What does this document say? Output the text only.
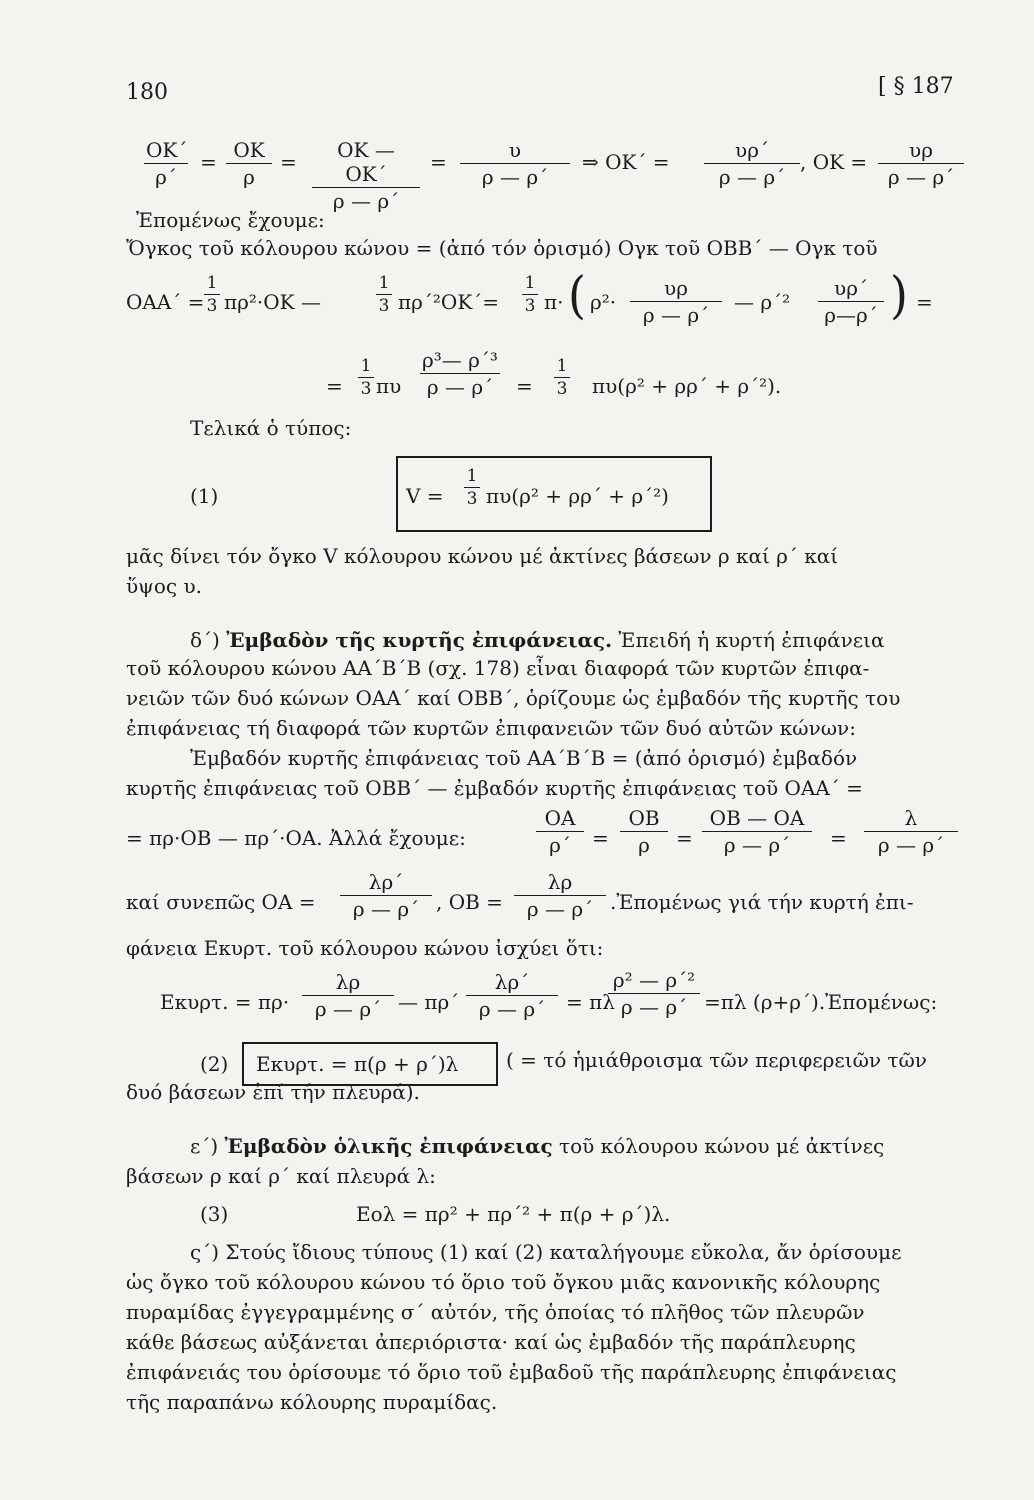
180	[ § 187
ΟΚ΄
ρ΄
= ΟΚ
ρ
=	ΟΚ — ΟΚ΄
ρ — ρ΄
=	υ
ρ — ρ΄
⇒ ΟΚ΄ =	υρ΄
ρ — ρ΄
, ΟΚ =	υρ
ρ — ρ΄
Ἐπομένως ἔχουμε:
Ὄγκος τοῦ κόλουρου κώνου = (ἀπό τόν ὁρισμό) Ογκ τοῦ ΟΒΒ΄ — Ογκ τοῦ
ΟΑΑ΄ =
1
3 πρ²·ΟΚ —
1
3 πρ΄²ΟΚ΄=
1
3 π· ( ρ²·
υρ
ρ — ρ΄
— ρ΄²
υρ΄
ρ—ρ΄ ) =
=
1
3 πυ
ρ³— ρ΄³
ρ — ρ΄	=
1
3 πυ(ρ² + ρρ΄ + ρ΄²).
Τελικά ὁ τύπος:
(1)	V =
1
3 πυ(ρ² + ρρ΄ + ρ΄²)
μᾶς δίνει τόν ὄγκο V κόλουρου κώνου μέ ἀκτίνες βάσεων ρ καί ρ΄ καί
ὕψος υ.
δ΄) Ἐμβαδὸν τῆς κυρτῆς ἐπιφάνειας. Ἐπειδή ἡ κυρτή ἐπιφάνεια
τοῦ κόλουρου κώνου ΑΑ΄Β΄Β (σχ. 178) εἶναι διαφορά τῶν κυρτῶν ἐπιφα-
νειῶν τῶν δυό κώνων ΟΑΑ΄ καί ΟΒΒ΄, ὁρίζουμε ὡς ἐμβαδόν τῆς κυρτῆς του
ἐπιφάνειας τή διαφορά τῶν κυρτῶν ἐπιφανειῶν τῶν δυό αὐτῶν κώνων:
Ἐμβαδόν κυρτῆς ἐπιφάνειας τοῦ ΑΑ΄Β΄Β = (ἀπό ὁρισμό) ἐμβαδόν
κυρτῆς ἐπιφάνειας τοῦ ΟΒΒ΄ — ἐμβαδόν κυρτῆς ἐπιφάνειας τοῦ ΟΑΑ΄ =
= πρ·ΟΒ — πρ΄·ΟΑ. Ἀλλά ἔχουμε:
ΟΑ
ρ΄	=
ΟΒ
ρ	=
ΟΒ — ΟΑ
ρ — ρ΄	=
λ
ρ — ρ΄
καί συνεπῶς ΟΑ =
λρ΄
ρ — ρ΄ , ΟΒ =
λρ
ρ — ρ΄ .Ἐπομένως γιά τήν κυρτή ἐπι-
φάνεια Εκυρτ. τοῦ κόλουρου κώνου ἰσχύει ὅτι:
Εκυρτ. = πρ·
λρ
ρ — ρ΄ — πρ΄
λρ΄
ρ — ρ΄	= πλ
ρ² — ρ΄²
ρ — ρ΄ =πλ (ρ+ρ΄).Ἐπομένως:
(2) Εκυρτ. = π(ρ + ρ΄)λ ( = τό ἡμιάθροισμα τῶν περιφερειῶν τῶν
δυό βάσεων ἐπί τήν πλευρά).
ε΄) Ἐμβαδὸν ὁλικῆς ἐπιφάνειας τοῦ κόλουρου κώνου μέ ἀκτίνες
βάσεων ρ καί ρ΄ καί πλευρά λ:
(3)	Εολ = πρ² + πρ΄² + π(ρ + ρ΄)λ.
ς΄) Στούς ἴδιους τύπους (1) καί (2) καταλήγουμε εὔκολα, ἄν ὁρίσουμε
ὡς ὄγκο τοῦ κόλουρου κώνου τό ὅριο τοῦ ὄγκου μιᾶς κανονικῆς κόλουρης
πυραμίδας ἐγγεγραμμένης σ΄ αὐτόν, τῆς ὁποίας τό πλῆθος τῶν πλευρῶν
κάθε βάσεως αὐξάνεται ἀπεριόριστα· καί ὡς ἐμβαδόν τῆς παράπλευρης
ἐπιφάνειάς του ὁρίσουμε τό ὅριο τοῦ ἐμβαδοῦ τῆς παράπλευρης ἐπιφάνειας
τῆς παραπάνω κόλουρης πυραμίδας.
